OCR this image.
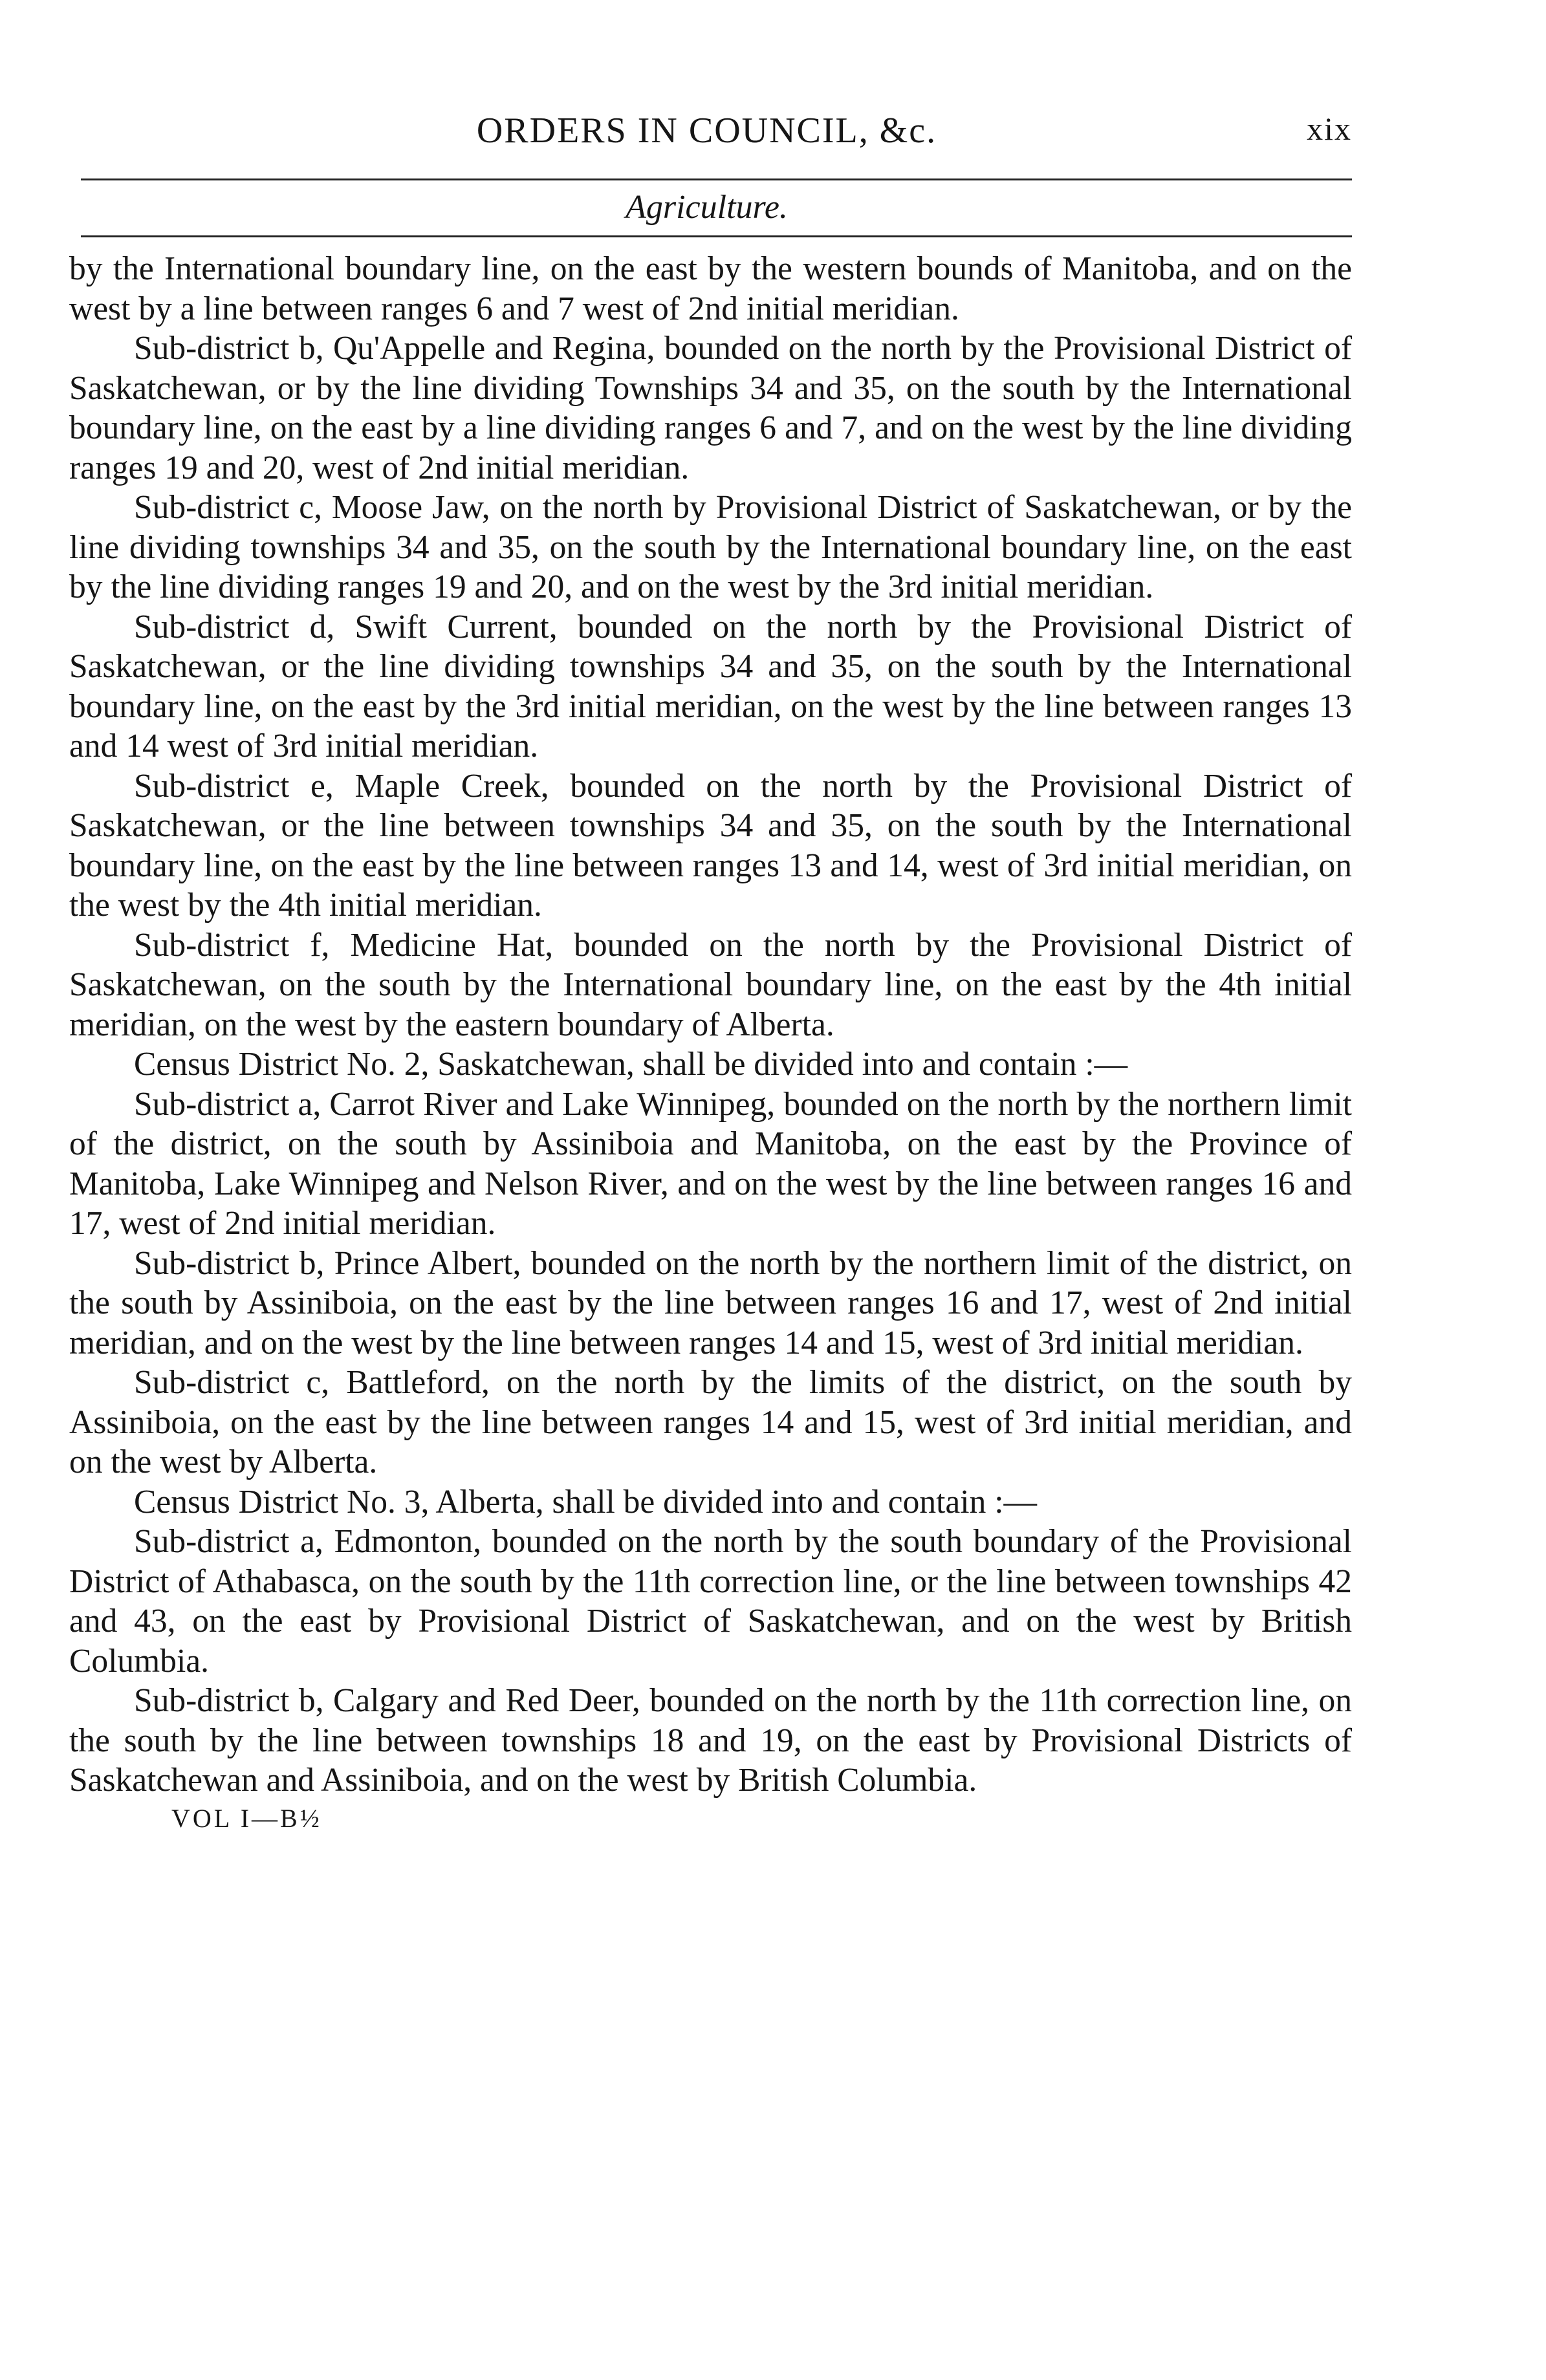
ORDERS IN COUNCIL, &c.	xix
Agriculture.

by the International boundary line, on the east by the western bounds of Manitoba, and on the west by a line between ranges 6 and 7 west of 2nd initial meridian.

Sub-district b, Qu'Appelle and Regina, bounded on the north by the Provisional District of Saskatchewan, or by the line dividing Townships 34 and 35, on the south by the International boundary line, on the east by a line dividing ranges 6 and 7, and on the west by the line dividing ranges 19 and 20, west of 2nd initial meridian.

Sub-district c, Moose Jaw, on the north by Provisional District of Saskatchewan, or by the line dividing townships 34 and 35, on the south by the International boundary line, on the east by the line dividing ranges 19 and 20, and on the west by the 3rd initial meridian.

Sub-district d, Swift Current, bounded on the north by the Provisional District of Saskatchewan, or the line dividing townships 34 and 35, on the south by the International boundary line, on the east by the 3rd initial meridian, on the west by the line between ranges 13 and 14 west of 3rd initial meridian.

Sub-district e, Maple Creek, bounded on the north by the Provisional District of Saskatchewan, or the line between townships 34 and 35, on the south by the International boundary line, on the east by the line between ranges 13 and 14, west of 3rd initial meridian, on the west by the 4th initial meridian.

Sub-district f, Medicine Hat, bounded on the north by the Provisional District of Saskatchewan, on the south by the International boundary line, on the east by the 4th initial meridian, on the west by the eastern boundary of Alberta.

Census District No. 2, Saskatchewan, shall be divided into and contain :—

Sub-district a, Carrot River and Lake Winnipeg, bounded on the north by the northern limit of the district, on the south by Assiniboia and Manitoba, on the east by the Province of Manitoba, Lake Winnipeg and Nelson River, and on the west by the line between ranges 16 and 17, west of 2nd initial meridian.

Sub-district b, Prince Albert, bounded on the north by the northern limit of the district, on the south by Assiniboia, on the east by the line between ranges 16 and 17, west of 2nd initial meridian, and on the west by the line between ranges 14 and 15, west of 3rd initial meridian.

Sub-district c, Battleford, on the north by the limits of the district, on the south by Assiniboia, on the east by the line between ranges 14 and 15, west of 3rd initial meridian, and on the west by Alberta.

Census District No. 3, Alberta, shall be divided into and contain :—

Sub-district a, Edmonton, bounded on the north by the south boundary of the Provisional District of Athabasca, on the south by the 11th correction line, or the line between townships 42 and 43, on the east by Provisional District of Saskatchewan, and on the west by British Columbia.

Sub-district b, Calgary and Red Deer, bounded on the north by the 11th correction line, on the south by the line between townships 18 and 19, on the east by Provisional Districts of Saskatchewan and Assiniboia, and on the west by British Columbia.

VOL I—B½
